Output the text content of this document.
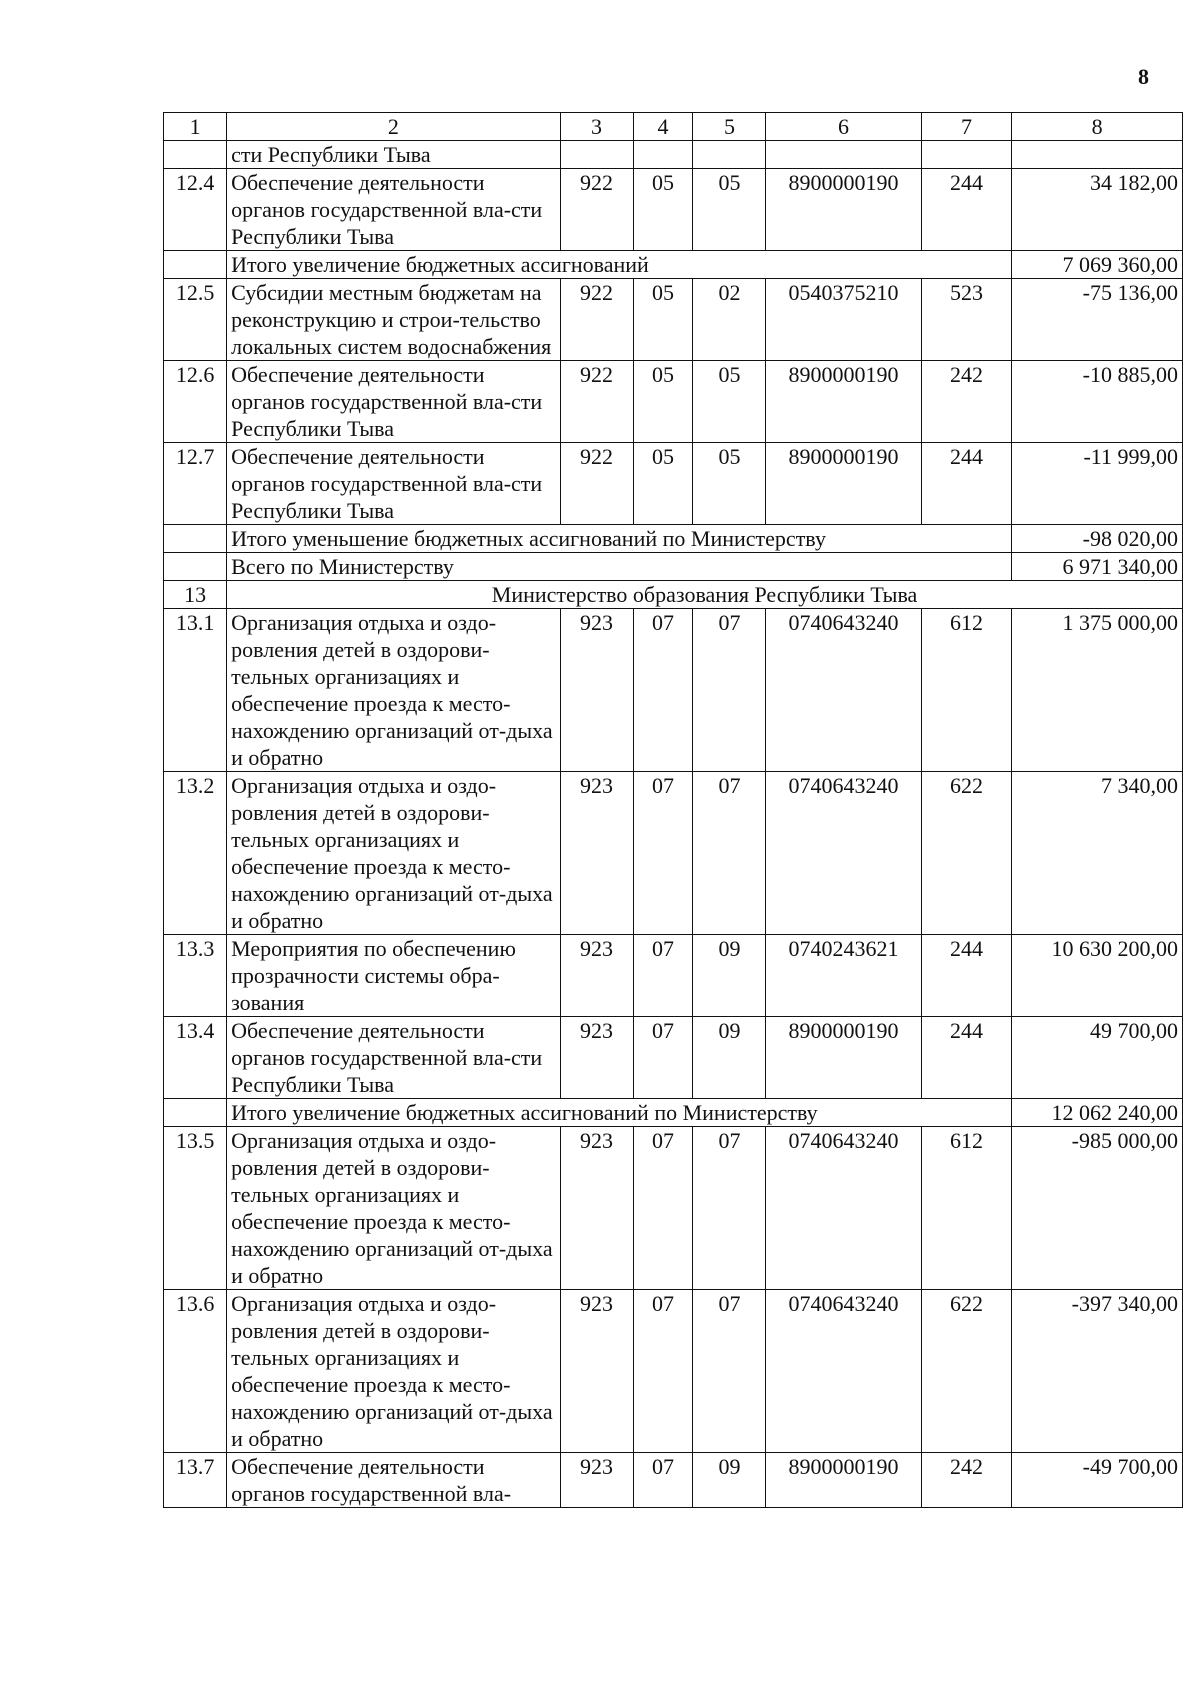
8
1	2	3	4	5	6	7	8
	сти Республики Тыва						
12.4	Обеспечение деятельности органов государственной вла-сти Республики Тыва	922	05	05	8900000190	244	34 182,00
	Итого увеличение бюджетных ассигнований						7 069 360,00
12.5	Субсидии местным бюджетам на реконструкцию и строи-тельство локальных систем водоснабжения	922	05	02	0540375210	523	-75 136,00
12.6	Обеспечение деятельности органов государственной вла-сти Республики Тыва	922	05	05	8900000190	242	-10 885,00
12.7	Обеспечение деятельности органов государственной вла-сти Республики Тыва	922	05	05	8900000190	244	-11 999,00
	Итого уменьшение бюджетных ассигнований по Министерству						-98 020,00
	Всего по Министерству						6 971 340,00
13	Министерство образования Республики Тыва						
13.1	Организация отдыха и оздо-ровления детей в оздорови-тельных организациях и обеспечение проезда к место-нахождению организаций от-дыха и обратно	923	07	07	0740643240	612	1 375 000,00
13.2	Организация отдыха и оздо-ровления детей в оздорови-тельных организациях и обеспечение проезда к место-нахождению организаций от-дыха и обратно	923	07	07	0740643240	622	7 340,00
13.3	Мероприятия по обеспечению прозрачности системы обра-зования	923	07	09	0740243621	244	10 630 200,00
13.4	Обеспечение деятельности органов государственной вла-сти Республики Тыва	923	07	09	8900000190	244	49 700,00
	Итого увеличение бюджетных ассигнований по Министерству						12 062 240,00
13.5	Организация отдыха и оздо-ровления детей в оздорови-тельных организациях и обеспечение проезда к место-нахождению организаций от-дыха и обратно	923	07	07	0740643240	612	-985 000,00
13.6	Организация отдыха и оздо-ровления детей в оздорови-тельных организациях и обеспечение проезда к место-нахождению организаций от-дыха и обратно	923	07	07	0740643240	622	-397 340,00
13.7	Обеспечение деятельности органов государственной вла-	923	07	09	8900000190	242	-49 700,00
